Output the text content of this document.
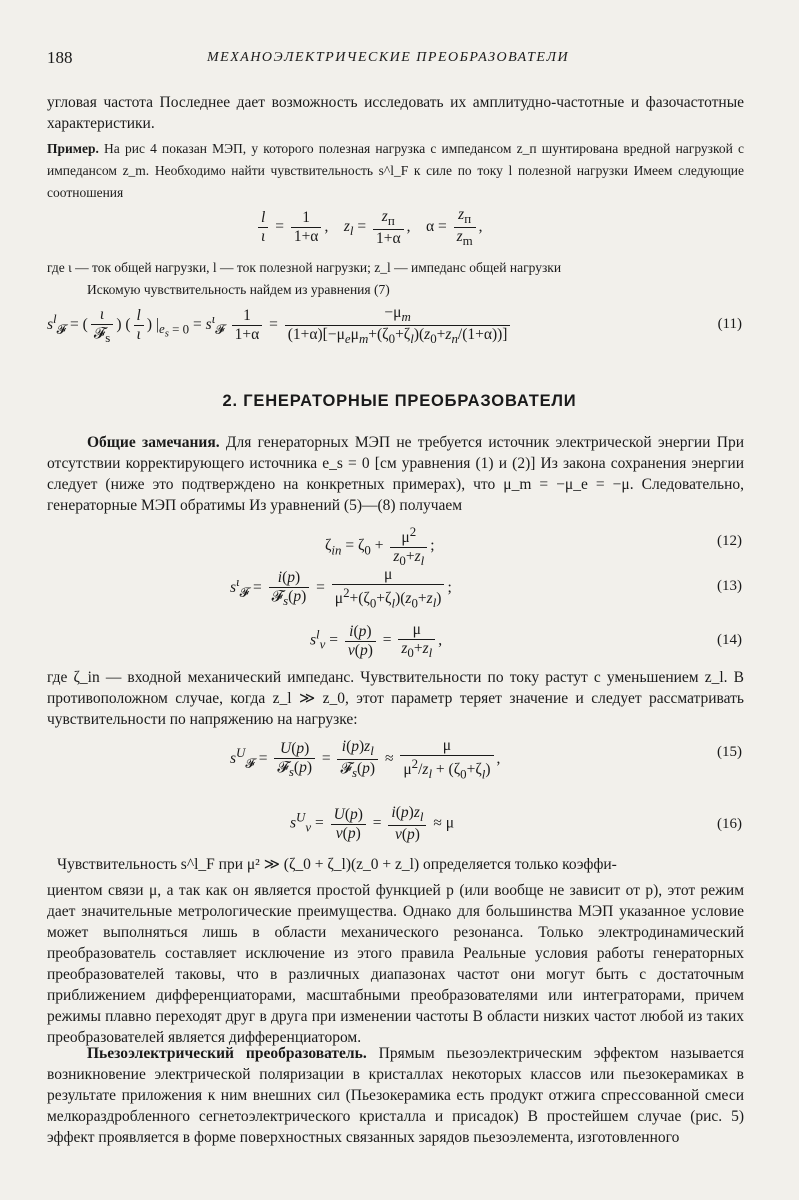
188	МЕХАНОЭЛЕКТРИЧЕСКИЕ ПРЕОБРАЗОВАТЕЛИ

угловая частота Последнее дает возможность исследовать их амплитудно-частотные и фазочастотные характеристики.

Пример. На рис 4 показан МЭП, у которого полезная нагрузка с импедансом z_п шунтирована вредной нагрузкой с импедансом z_m. Необходимо найти чувствительность s^l_F к силе по току l полезной нагрузки Имеем следующие соотношения

$\frac{l}{\iota} = \frac{1}{1+\alpha}$ ,    $z_l = \frac{z_п}{1+\alpha}$ ,    $\alpha = \frac{z_п}{z_m}$ ,

где ι — ток общей нагрузки, l — ток полезной нагрузки; z_l — импеданс общей нагрузки

Искомую чувствительность найдем из уравнения (7)

$s^l_𝓕$ = ( $\frac{\iota}{𝓕_s}$ ) ( $\frac{l}{\iota}$ ) $|_{e_s = 0} = s^\iota_𝓕 \frac{1}{1+\alpha} = \frac{-\mu_m}{(1+\alpha)[-\mu_e\mu_m+(\zeta_0+\zeta_l)(z_0+z_n/(1+\alpha))]}$	(11)
2. ГЕНЕРАТОРНЫЕ ПРЕОБРАЗОВАТЕЛИ

Общие замечания. Для генераторных МЭП не требуется источник электрической энергии При отсутствии корректирующего источника e_s = 0 [см уравнения (1) и (2)] Из закона сохранения энергии следует (ниже это подтверждено на конкретных примерах), что μ_m = −μ_e = −μ. Следовательно, генераторные МЭП обратимы Из уравнений (5)—(8) получаем

$\zeta_{in} = \zeta_0 + \frac{\mu^2}{z_0+z_l}$ ;	(12)
$s^\iota_𝓕 = \frac{i(p)}{𝓕_s(p)} = \frac{\mu}{\mu^2+(\zeta_0+\zeta_l)(z_0+z_l)}$ ;	(13)
$s^l_v = \frac{i(p)}{v(p)} = \frac{\mu}{z_0+z_l}$ ,	(14)

где ζ_in — входной механический импеданс. Чувствительности по току растут с уменьшением z_l. В противоположном случае, когда z_l ≫ z_0, этот параметр теряет значение и следует рассматривать чувствительности по напряжению на нагрузке:

$s^U_𝓕 = \frac{U(p)}{𝓕_s(p)} = \frac{i(p)z_l}{𝓕_s(p)} \approx \frac{\mu}{\mu^2/z_l + (\zeta_0+\zeta_l)}$ ,	(15)
$s^U_v = \frac{U(p)}{v(p)} = \frac{i(p)z_l}{v(p)} \approx \mu$	(16)

Чувствительность s^l_F при μ² ≫ (ζ_0 + ζ_l)(z_0 + z_l) определяется только коэффи-

циентом связи μ, а так как он является простой функцией p (или вообще не зависит от p), этот режим дает значительные метрологические преимущества. Однако для большинства МЭП указанное условие может выполняться лишь в области механического резонанса. Только электродинамический преобразователь составляет исключение из этого правила Реальные условия работы генераторных преобразователей таковы, что в различных диапазонах частот они могут быть с достаточным приближением дифференциаторами, масштабными преобразователями или интеграторами, причем режимы плавно переходят друг в друга при изменении частоты В области низких частот любой из таких преобразователей является дифференциатором.

Пьезоэлектрический преобразователь. Прямым пьезоэлектрическим эффектом называется возникновение электрической поляризации в кристаллах некоторых классов или пьезокерамиках в результате приложения к ним внешних сил (Пьезокерамика есть продукт отжига спрессованной смеси мелкораздробленного сегнетоэлектрического кристалла и присадок) В простейшем случае (рис. 5) эффект проявляется в форме поверхностных связанных зарядов пьезоэлемента, изготовленного
